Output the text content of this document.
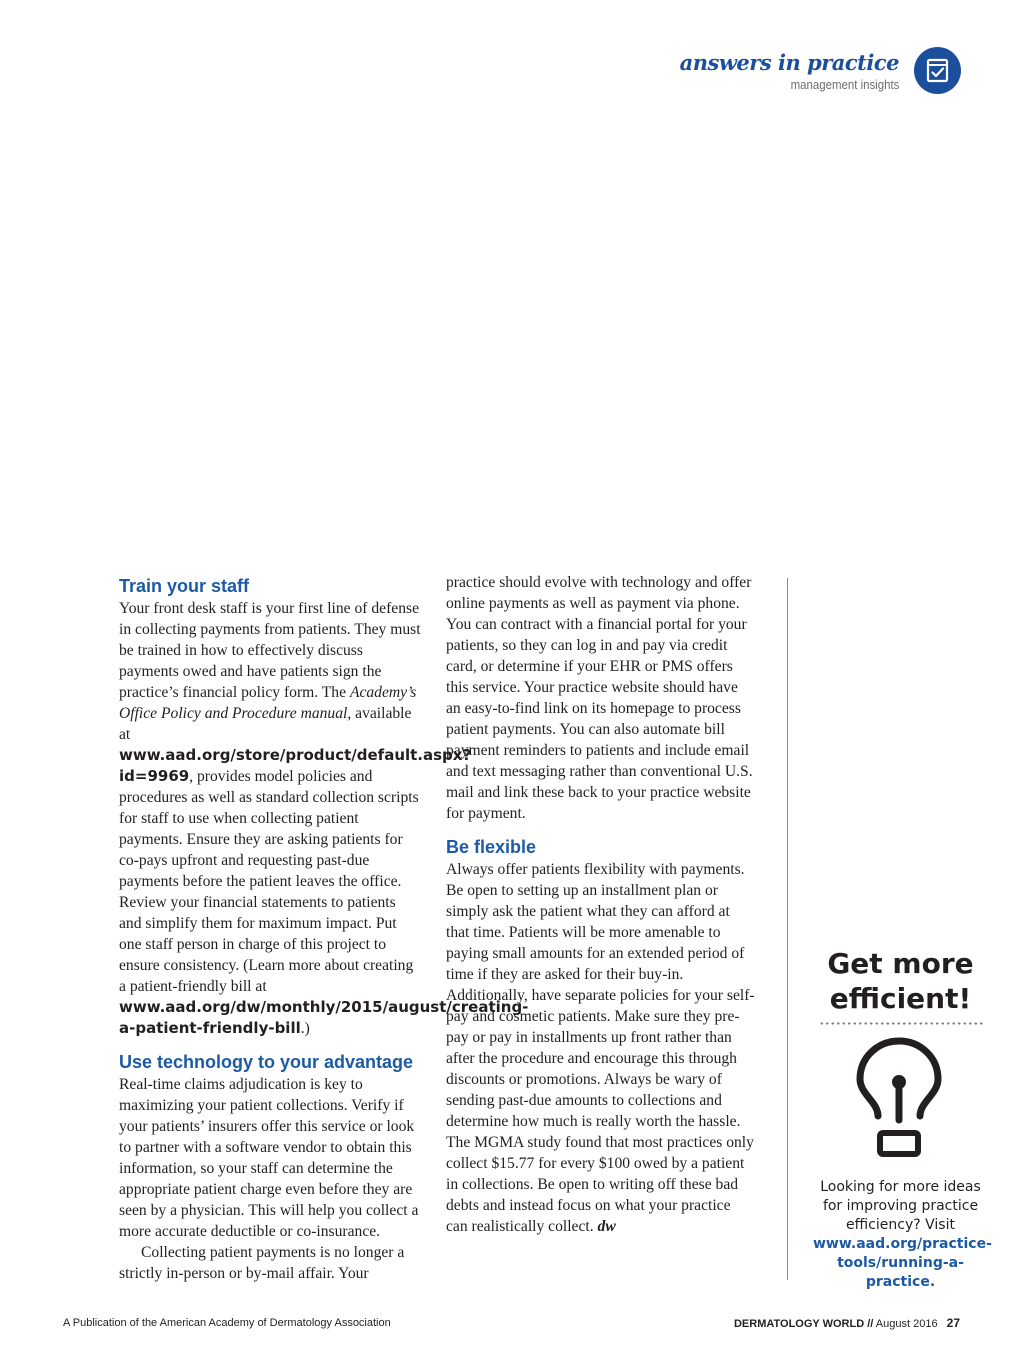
answers in practice
management insights
Train your staff

Your front desk staff is your first line of defense in collecting payments from patients. They must be trained in how to effectively discuss payments owed and have patients sign the practice’s financial policy form. The Academy’s Office Policy and Procedure manual, available at www.aad.org/store/product/default.aspx?id=9969, provides model policies and procedures as well as standard collection scripts for staff to use when collecting patient payments. Ensure they are asking patients for co-pays upfront and requesting past-due payments before the patient leaves the office. Review your financial statements to patients and simplify them for maximum impact. Put one staff person in charge of this project to ensure consistency. (Learn more about creating a patient-friendly bill at www.aad.org/dw/monthly/2015/august/creating-a-patient-friendly-bill.)

Use technology to your advantage

Real-time claims adjudication is key to maximizing your patient collections. Verify if your patients’ insurers offer this service or look to partner with a software vendor to obtain this information, so your staff can determine the appropriate patient charge even before they are seen by a physician. This will help you collect a more accurate deductible or co-insurance.

Collecting patient payments is no longer a strictly in-person or by-mail affair. Your

practice should evolve with technology and offer online payments as well as payment via phone. You can contract with a financial portal for your patients, so they can log in and pay via credit card, or determine if your EHR or PMS offers this service. Your practice website should have an easy-to-find link on its homepage to process patient payments. You can also automate bill payment reminders to patients and include email and text messaging rather than conventional U.S. mail and link these back to your practice website for payment.

Be flexible

Always offer patients flexibility with payments. Be open to setting up an installment plan or simply ask the patient what they can afford at that time. Patients will be more amenable to paying small amounts for an extended period of time if they are asked for their buy-in. Additionally, have separate policies for your self-pay and cosmetic patients. Make sure they pre-pay or pay in installments up front rather than after the procedure and encourage this through discounts or promotions. Always be wary of sending past-due amounts to collections and determine how much is really worth the hassle. The MGMA study found that most practices only collect $15.77 for every $100 owed by a patient in collections. Be open to writing off these bad debts and instead focus on what your practice can realistically collect. dw

Get more
efficient!
Looking for more ideas for improving practice efficiency? Visit www.aad.org/practice-tools/running-a-practice.
A Publication of the American Academy of Dermatology Association	DERMATOLOGY WORLD // August 2016 27
